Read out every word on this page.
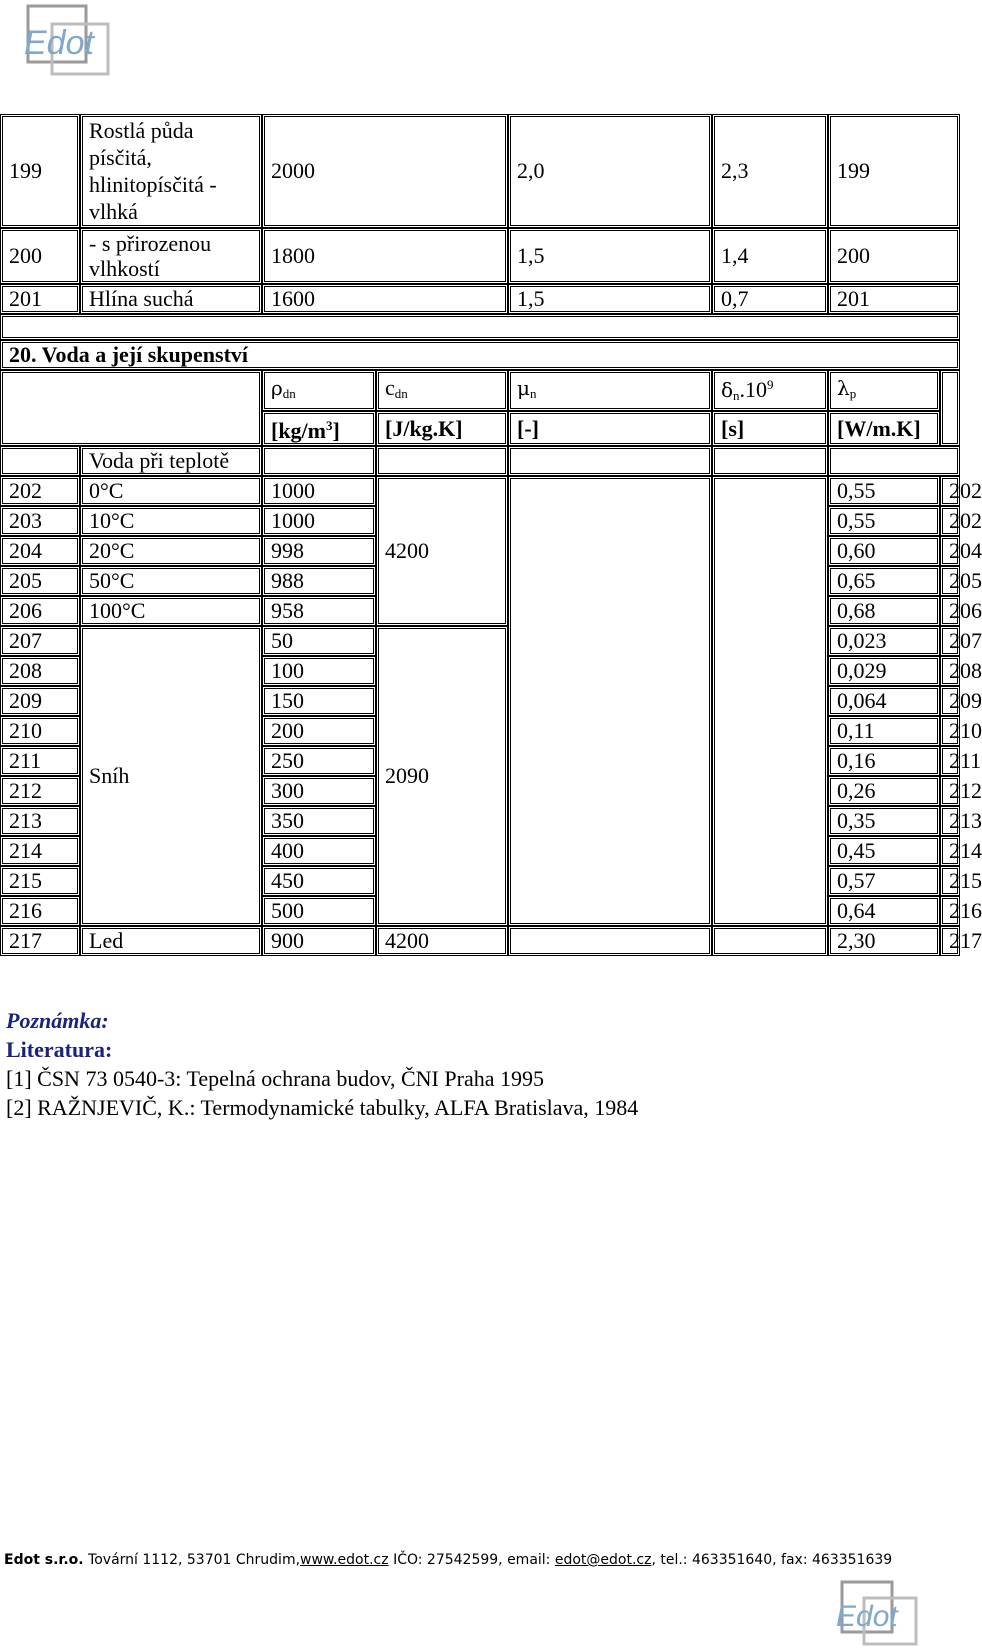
Edot
199	Rostlá půda písčitá, hlinitopísčitá - vlhká	2000		2,0	2,3	199	
200	- s přirozenou vlhkostí	1800		1,5	1,4	200	
201	Hlína suchá	1600		1,5	0,7	201	

20. Voda a její skupenství							
		$\rho_{dn}$	$c_{dn}$	$\mu_n$	$\delta_n.10^9$	$\lambda_p$	
		$[kg/m^3]$	[J/kg.K]	[-]	[s]	[W/m.K]	
	Voda při teplotě						
202	0°C	1000	4200			0,55	202
203	10°C	1000				0,55	202
204	20°C	998				0,60	204
205	50°C	988				0,65	205
206	100°C	958				0,68	206
207	Sníh	50	2090			0,023	207
208		100				0,029	208
209		150				0,064	209
210		200				0,11	210
211		250				0,16	211
212		300				0,26	212
213		350				0,35	213
214		400				0,45	214
215		450				0,57	215
216		500				0,64	216
217	Led	900	4200			2,30	217
Poznámka:
Literatura:
[1] ČSN 73 0540-3: Tepelná ochrana budov, ČNI Praha 1995
[2] RAŽNJEVIČ, K.: Termodynamické tabulky, ALFA Bratislava, 1984
Edot s.r.o. Tovární 1112, 53701 Chrudim,www.edot.cz IČO: 27542599, email: edot@edot.cz, tel.: 463351640, fax: 463351639
Edot
